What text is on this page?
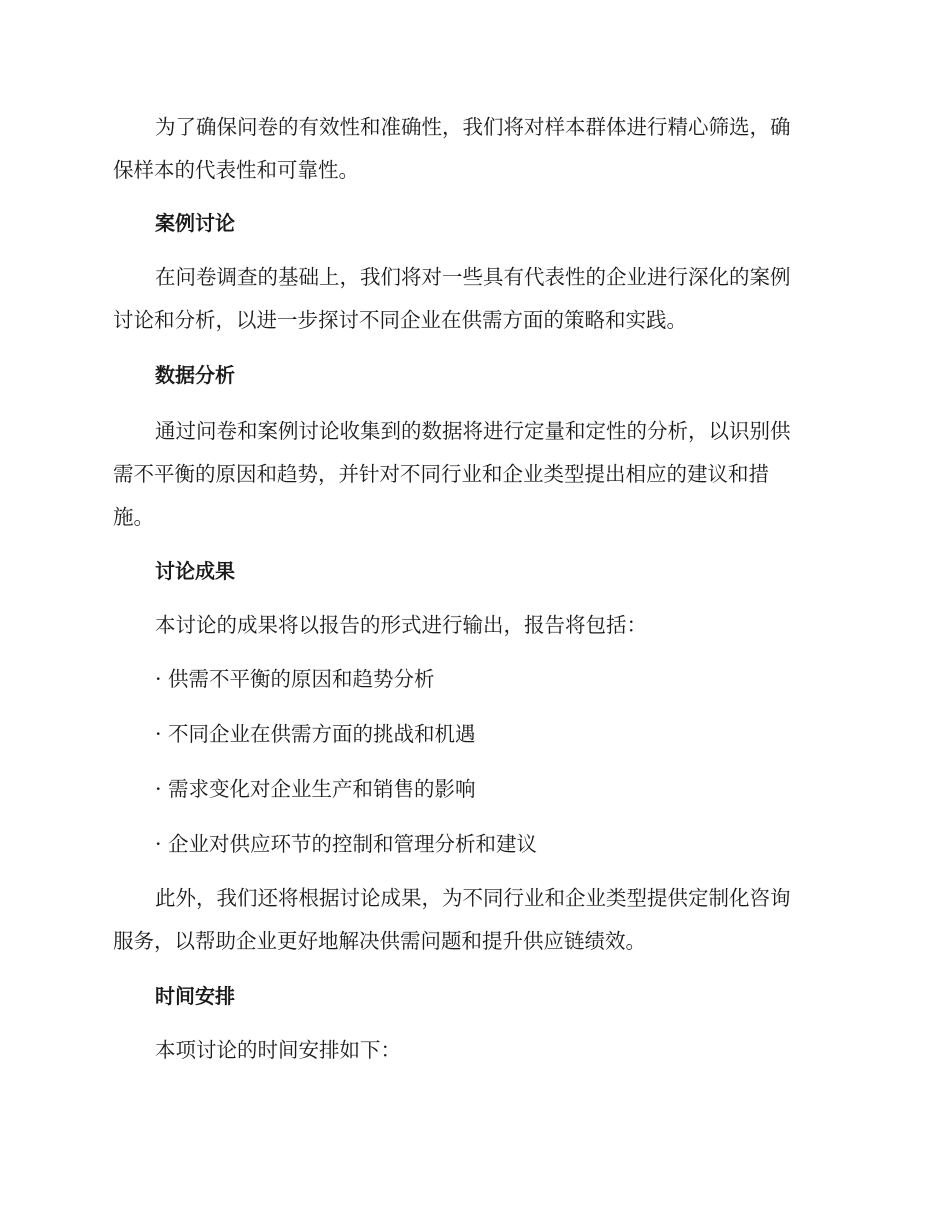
为了确保问卷的有效性和准确性，我们将对样本群体进行精心筛选，确
保样本的代表性和可靠性。

案例讨论

在问卷调查的基础上，我们将对一些具有代表性的企业进行深化的案例
讨论和分析，以进一步探讨不同企业在供需方面的策略和实践。

数据分析

通过问卷和案例讨论收集到的数据将进行定量和定性的分析，以识别供
需不平衡的原因和趋势，并针对不同行业和企业类型提出相应的建议和措
施。

讨论成果

本讨论的成果将以报告的形式进行输出，报告将包括：

· 供需不平衡的原因和趋势分析

· 不同企业在供需方面的挑战和机遇

· 需求变化对企业生产和销售的影响

· 企业对供应环节的控制和管理分析和建议

此外，我们还将根据讨论成果，为不同行业和企业类型提供定制化咨询
服务，以帮助企业更好地解决供需问题和提升供应链绩效。

时间安排

本项讨论的时间安排如下：
